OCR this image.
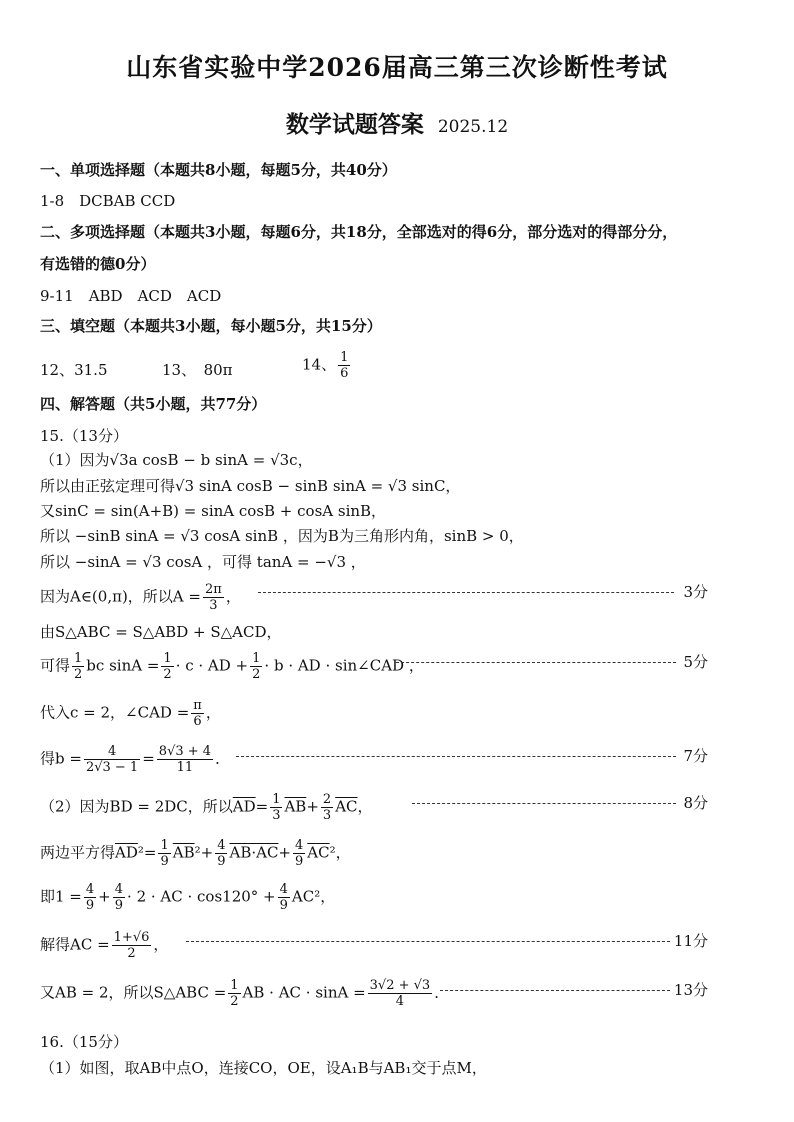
山东省实验中学2026届高三第三次诊断性考试
数学试题答案 2025.12
一、单项选择题（本题共8小题，每题5分，共40分）
1-8　DCBAB CCD
二、多项选择题（本题共3小题，每题6分，共18分，全部选对的得6分，部分选对的得部分分，
有选错的德0分）
9-11　ABD　ACD　ACD
三、填空题（本题共3小题，每小题5分，共15分）
12、31.5	13、　80π	14、 $\frac{1}{6}$
四、解答题（共5小题，共77分）
15.（13分）
（1）因为√3a cosB − b sinA = √3c，
所以由正弦定理可得√3 sinA cosB − sinB sinA = √3 sinC，
又sinC = sin(A+B) = sinA cosB + cosA sinB，
所以 −sinB sinA = √3 cosA sinB ，因为B为三角形内角，sinB > 0，
所以 −sinA = √3 cosA ，可得 tanA = −√3 ，
因为A∈(0,π)，所以$A = \frac{2\pi}{3}$ ，	3分
由S△ABC = S△ABD + S△ACD，
可得 $\frac{1}{2}$ bc $\sin A = \frac{1}{2} \cdot c$ · AD + $\frac{1}{2} \cdot b$ · AD · sin∠CAD ，	5分
代入c = 2，∠CAD = $\frac{\pi}{6}$ ，
得$b = \frac{4}{2√3 - 1} = \frac{8√3 + 4}{11}$ ．	7分
（2）因为BD = 2DC，所以$\overline{AD}= \frac{1}{3} \overline{AB}+ \frac{2}{3} \overline{AC}$，	8分
两边平方得$\overline{AD}^2= \frac{1}{9} \overline{AB}^2+ \frac{4}{9} AB\cdot AC+ \frac{4}{9} \overline{AC}^2$，
即$1 = \frac{4}{9} + \frac{4}{9} \cdot 2$ · AC · $\cos 120^\circ + \frac{4}{9} AC^2$，
解得AC = $\frac{1+√6}{2}$ ，	11分
又AB = 2，所以S△ABC = $\frac{1}{2}$ AB · AC · $\sin A = \frac{3√2 + √3}{4}$ ．	13分
16.（15分）
（1）如图，取AB中点O，连接CO，OE，设A₁B与AB₁交于点M，
